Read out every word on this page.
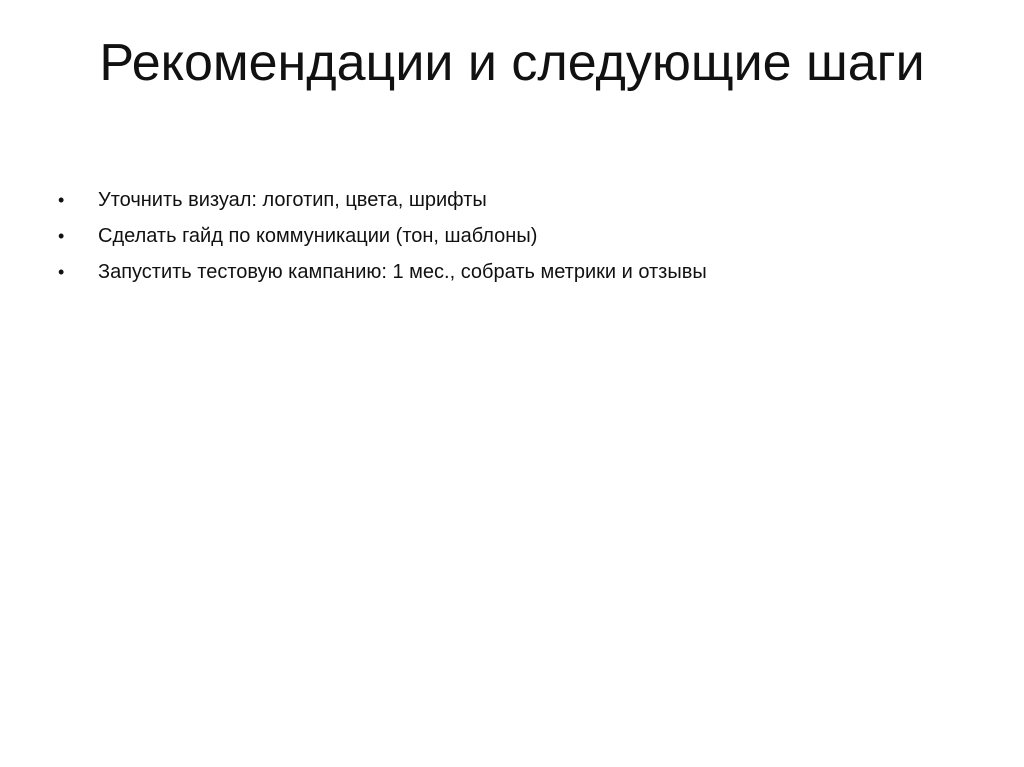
Рекомендации и следующие шаги
•	Уточнить визуал: логотип, цвета, шрифты
•	Сделать гайд по коммуникации (тон, шаблоны)
•	Запустить тестовую кампанию: 1 мес., собрать метрики и отзывы
